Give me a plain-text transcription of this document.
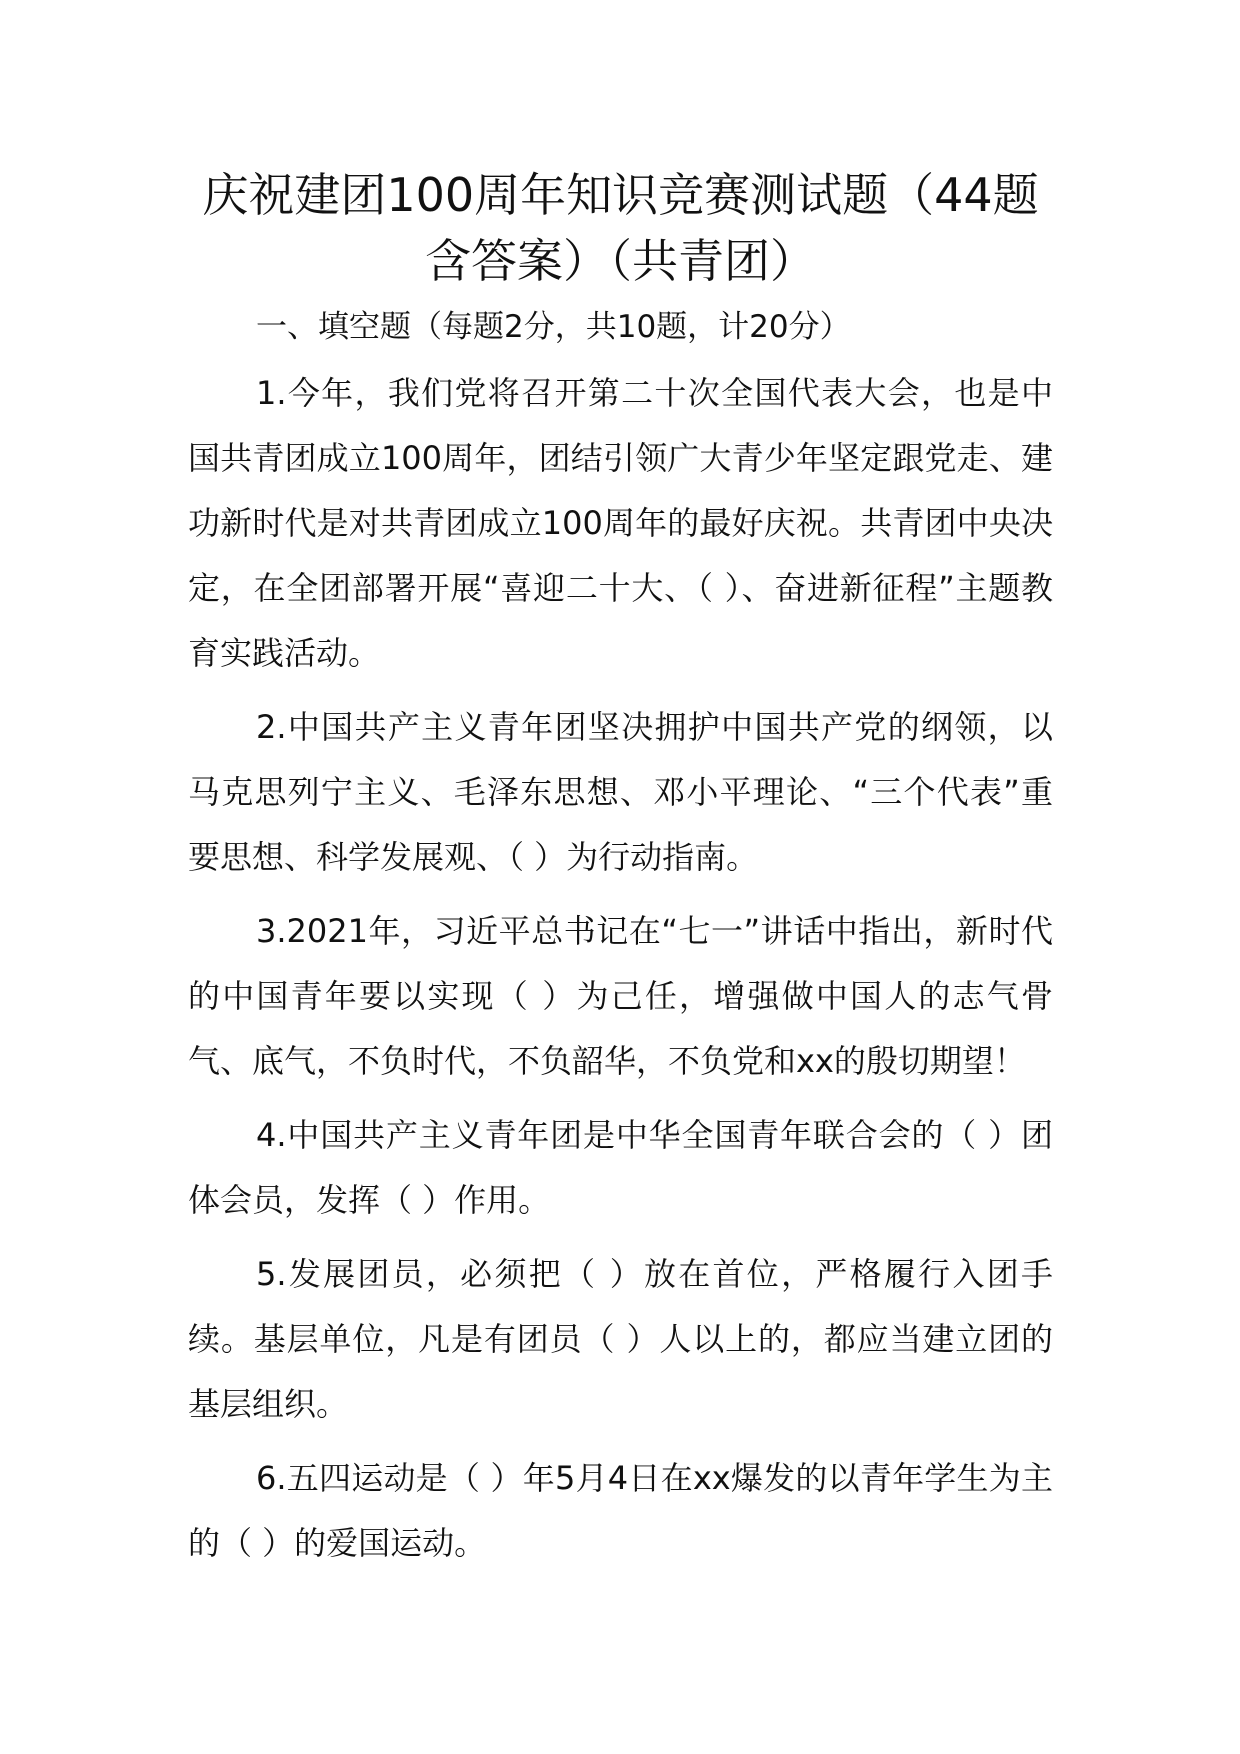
庆祝建团100周年知识竞赛测试题（44题
含答案）（共青团）

一、填空题（每题2分，共10题，计20分）

1.今年，我们党将召开第二十次全国代表大会，也是中国共青团成立100周年，团结引领广大青少年坚定跟党走、建功新时代是对共青团成立100周年的最好庆祝。共青团中央决定，在全团部署开展“喜迎二十大、（ ）、奋进新征程”主题教育实践活动。

2.中国共产主义青年团坚决拥护中国共产党的纲领，以马克思列宁主义、毛泽东思想、邓小平理论、“三个代表”重要思想、科学发展观、（ ）为行动指南。

3.2021年，习近平总书记在“七一”讲话中指出，新时代的中国青年要以实现（ ）为己任，增强做中国人的志气骨气、底气，不负时代，不负韶华，不负党和xx的殷切期望！

4.中国共产主义青年团是中华全国青年联合会的（ ）团体会员，发挥（ ）作用。

5.发展团员，必须把（ ）放在首位，严格履行入团手续。基层单位，凡是有团员（ ）人以上的，都应当建立团的基层组织。

6.五四运动是（ ）年5月4日在xx爆发的以青年学生为主的（ ）的爱国运动。
